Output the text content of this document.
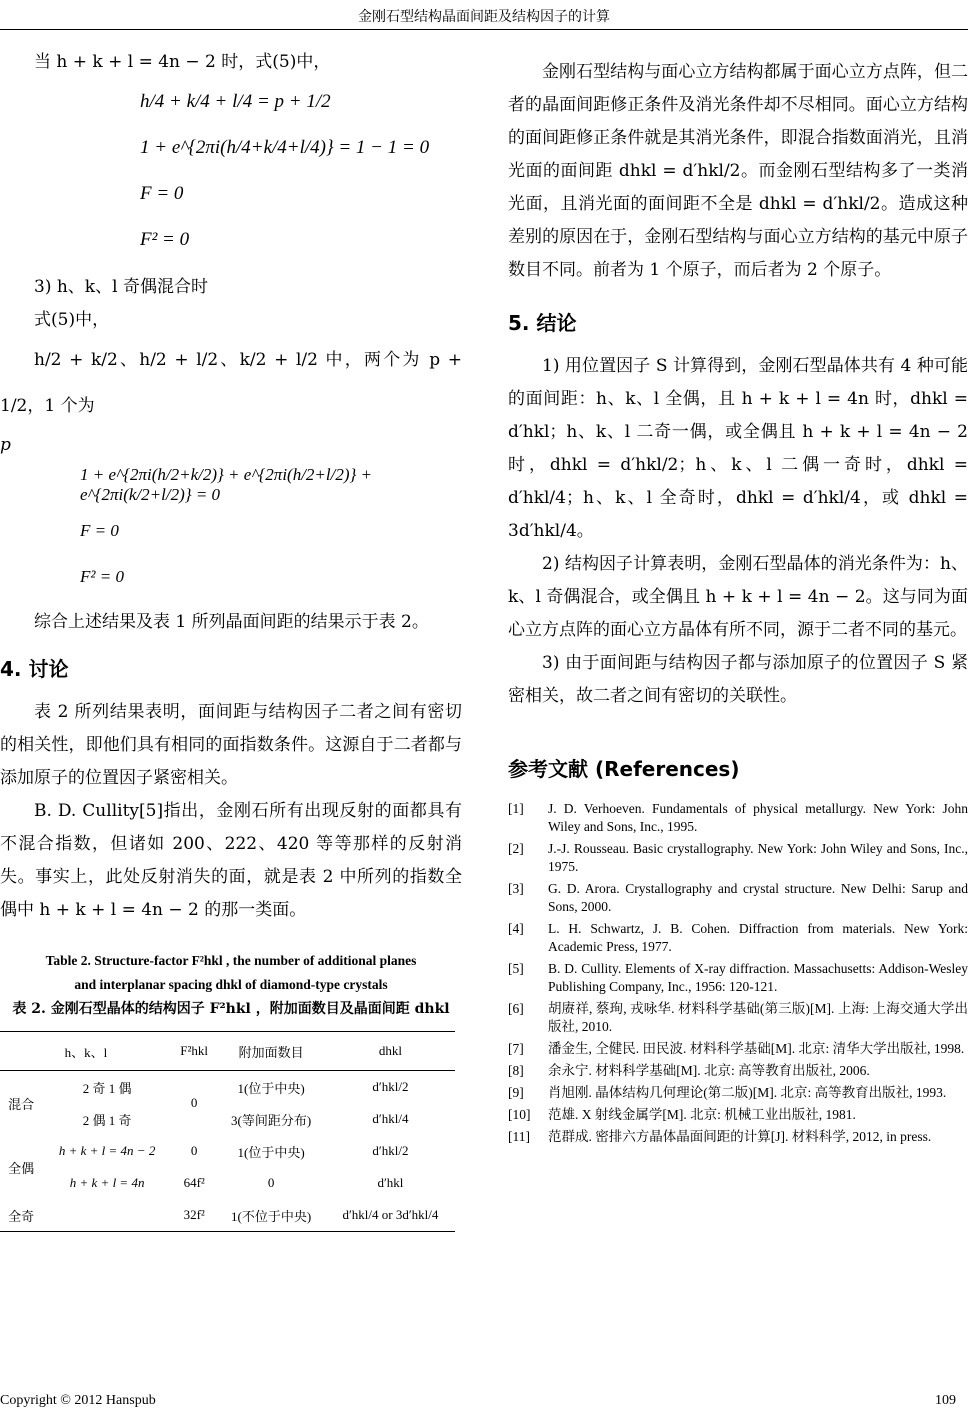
金刚石型结构晶面间距及结构因子的计算

当 h + k + l = 4n − 2 时，式(5)中，

h/4 + k/4 + l/4 = p + 1/2
1 + e^{2πi(h/4+k/4+l/4)} = 1 − 1 = 0
F = 0
F² = 0

3) h、k、l 奇偶混合时

式(5)中，

h/2 + k/2、h/2 + l/2、k/2 + l/2 中，两个为 p + 1/2，1 个为

p

1 + e^{2πi(h/2+k/2)} + e^{2πi(h/2+l/2)} + e^{2πi(k/2+l/2)} = 0
F = 0
F² = 0

综合上述结果及表 1 所列晶面间距的结果示于表 2。

4. 讨论

表 2 所列结果表明，面间距与结构因子二者之间有密切的相关性，即他们具有相同的面指数条件。这源自于二者都与添加原子的位置因子紧密相关。

B. D. Cullity[5]指出，金刚石所有出现反射的面都具有不混合指数，但诸如 200、222、420 等等那样的反射消失。事实上，此处反射消失的面，就是表 2 中所列的指数全偶中 h + k + l = 4n − 2 的那一类面。

Table 2. Structure-factor F²hkl , the number of additional planes
and interplanar spacing dhkl of diamond-type crystals
表 2. 金刚石型晶体的结构因子 F²hkl ，附加面数目及晶面间距 dhkl
h、k、l		F²hkl	附加面数目	dhkl
混合	2 奇 1 偶	0	1(位于中央)	d′hkl/2
	2 偶 1 奇		3(等间距分布)	d′hkl/4
全偶	h + k + l = 4n − 2	0	1(位于中央)	d′hkl/2
	h + k + l = 4n	64f²	0	d′hkl
全奇		32f²	1(不位于中央)	d′hkl/4 or 3d′hkl/4

金刚石型结构与面心立方结构都属于面心立方点阵，但二者的晶面间距修正条件及消光条件却不尽相同。面心立方结构的面间距修正条件就是其消光条件，即混合指数面消光，且消光面的面间距 dhkl = d′hkl/2。而金刚石型结构多了一类消光面，且消光面的面间距不全是 dhkl = d′hkl/2。造成这种差别的原因在于，金刚石型结构与面心立方结构的基元中原子数目不同。前者为 1 个原子，而后者为 2 个原子。

5. 结论

1) 用位置因子 S 计算得到，金刚石型晶体共有 4 种可能的面间距：h、k、l 全偶，且 h + k + l = 4n 时，dhkl = d′hkl；h、k、l 二奇一偶，或全偶且 h + k + l = 4n − 2 时，dhkl = d′hkl/2；h、k、l 二偶一奇时，dhkl = d′hkl/4；h、k、l 全奇时，dhkl = d′hkl/4，或 dhkl = 3d′hkl/4。

2) 结构因子计算表明，金刚石型晶体的消光条件为：h、k、l 奇偶混合，或全偶且 h + k + l = 4n − 2。这与同为面心立方点阵的面心立方晶体有所不同，源于二者不同的基元。

3) 由于面间距与结构因子都与添加原子的位置因子 S 紧密相关，故二者之间有密切的关联性。

参考文献 (References)
[1]	J. D. Verhoeven. Fundamentals of physical metallurgy. New York: John Wiley and Sons, Inc., 1995.
[2]	J.-J. Rousseau. Basic crystallography. New York: John Wiley and Sons, Inc., 1975.
[3]	G. D. Arora. Crystallography and crystal structure. New Delhi: Sarup and Sons, 2000.
[4]	L. H. Schwartz, J. B. Cohen. Diffraction from materials. New York: Academic Press, 1977.
[5]	B. D. Cullity. Elements of X-ray diffraction. Massachusetts: Addison-Wesley Publishing Company, Inc., 1956: 120-121.
[6]	胡赓祥, 蔡珣, 戎咏华. 材料科学基础(第三版)[M]. 上海: 上海交通大学出版社, 2010.
[7]	潘金生, 仝健民. 田民波. 材料科学基础[M]. 北京: 清华大学出版社, 1998.
[8]	余永宁. 材料科学基础[M]. 北京: 高等教育出版社, 2006.
[9]	肖旭刚. 晶体结构几何理论(第二版)[M]. 北京: 高等教育出版社, 1993.
[10]	范雄. X 射线金属学[M]. 北京: 机械工业出版社, 1981.
[11]	范群成. 密排六方晶体晶面间距的计算[J]. 材料科学, 2012, in press.
Copyright © 2012 Hanspub	109
